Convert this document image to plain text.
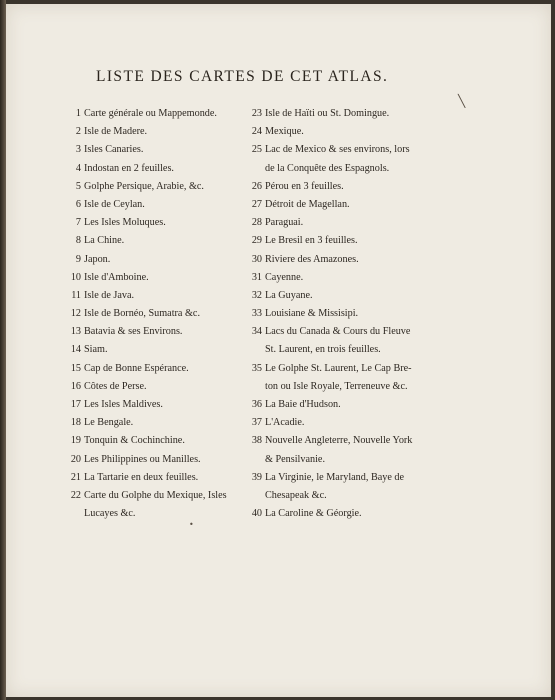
LISTE DES CARTES DE CET ATLAS.
╲
•
1 Carte générale ou Mappemonde.
2 Isle de Madere.
3 Isles Canaries.
4 Indostan en 2 feuilles.
5 Golphe Persique, Arabie, &c.
6 Isle de Ceylan.
7 Les Isles Moluques.
8 La Chine.
9 Japon.
10 Isle d'Amboine.
11 Isle de Java.
12 Isle de Bornéo, Sumatra &c.
13 Batavia & ses Environs.
14 Siam.
15 Cap de Bonne Espérance.
16 Côtes de Perse.
17 Les Isles Maldives.
18 Le Bengale.
19 Tonquin & Cochinchine.
20 Les Philippines ou Manilles.
21 La Tartarie en deux feuilles.
22 Carte du Golphe du Mexique, Isles
Lucayes &c.
23 Isle de Haïti ou St. Domingue.
24 Mexique.
25 Lac de Mexico & ses environs, lors
de la Conquête des Espagnols.
26 Pérou en 3 feuilles.
27 Détroit de Magellan.
28 Paraguai.
29 Le Bresil en 3 feuilles.
30 Riviere des Amazones.
31 Cayenne.
32 La Guyane.
33 Louisiane & Missisipi.
34 Lacs du Canada & Cours du Fleuve
St. Laurent, en trois feuilles.
35 Le Golphe St. Laurent, Le Cap Bre-
ton ou Isle Royale, Terreneuve &c.
36 La Baie d'Hudson.
37 L'Acadie.
38 Nouvelle Angleterre, Nouvelle York
& Pensilvanie.
39 La Virginie, le Maryland, Baye de
Chesapeak &c.
40 La Caroline & Géorgie.
